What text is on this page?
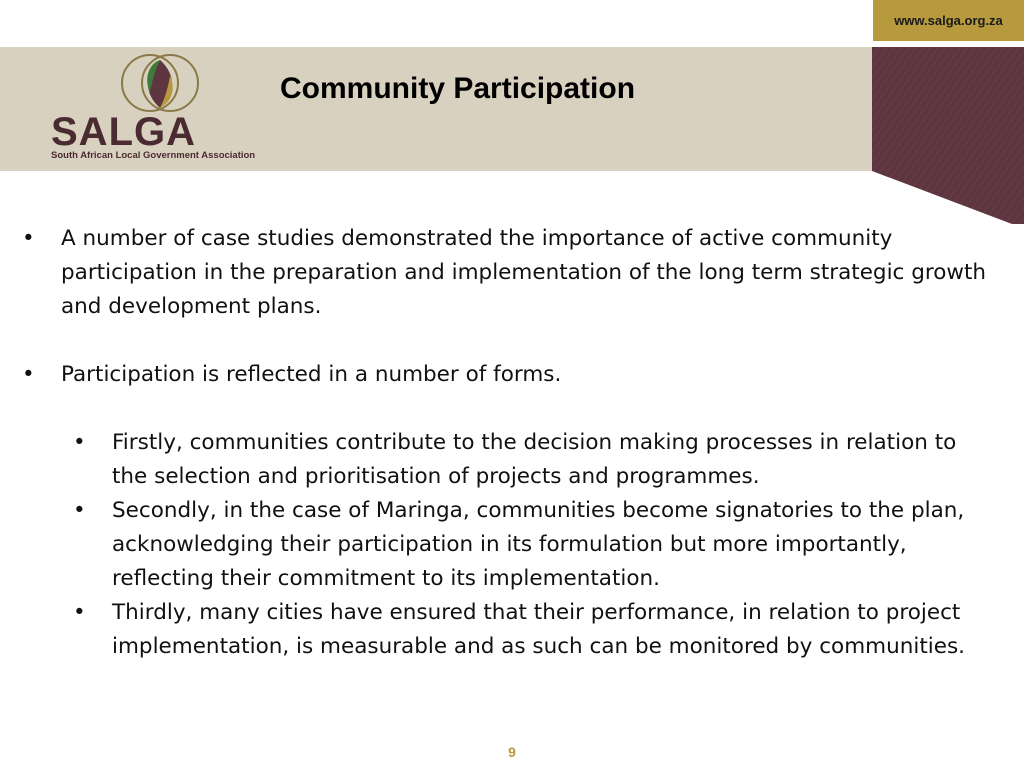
www.salga.org.za
SALGA
South African Local Government Association
Community Participation
• A number of case studies demonstrated the importance of active community participation in the preparation and implementation of the long term strategic growth and development plans.
• Participation is reflected in a number of forms.
• Firstly, communities contribute to the decision making processes in relation to the selection and prioritisation of projects and programmes.
• Secondly, in the case of Maringa, communities become signatories to the plan, acknowledging their participation in its formulation but more importantly, reflecting their commitment to its implementation.
• Thirdly, many cities have ensured that their performance, in relation to project implementation, is measurable and as such can be monitored by communities.
9
